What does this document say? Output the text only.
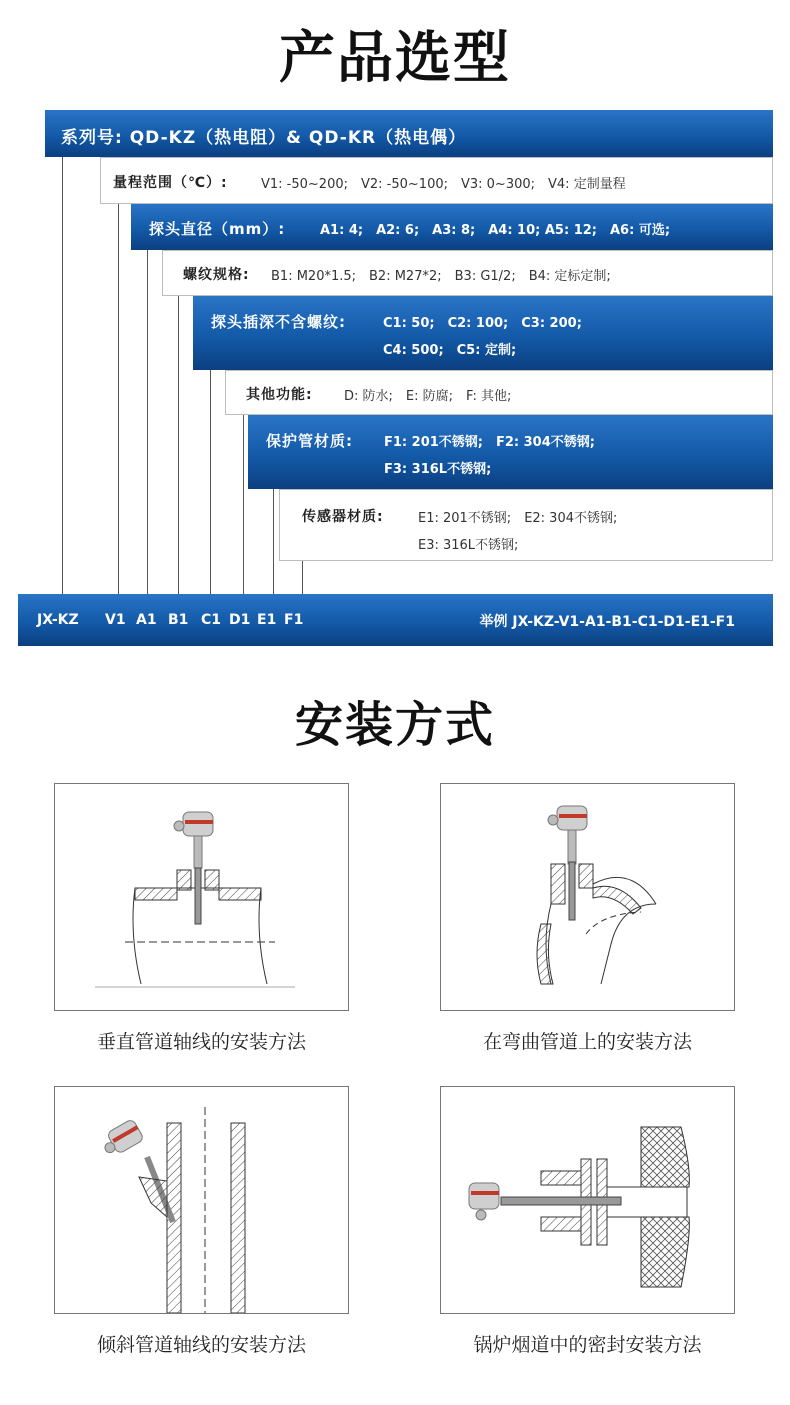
产品选型
系列号: QD-KZ（热电阻）& QD-KR（热电偶）
量程范围（℃）:	V1: -50~200;　V2: -50~100;　V3: 0~300;　V4: 定制量程
探头直径（mm）:	A1: 4;　A2: 6;　A3: 8;　A4: 10; A5: 12;　A6: 可选;
螺纹规格: B1: M20*1.5;　B2: M27*2;　B3: G1/2;　B4: 定标定制;
探头插深不含螺纹:	C1: 50;　C2: 100;　C3: 200;
C4: 500;　C5: 定制;
其他功能: D: 防水;　E: 防腐;　F: 其他;
保护管材质: F1: 201不锈钢;　F2: 304不锈钢;
F3: 316L不锈钢;
传感器材质:	E1: 201不锈钢;　E2: 304不锈钢;
E3: 316L不锈钢;
JX-KZ V1 A1 B1 C1 D1 E1 F1	举例 JX-KZ-V1-A1-B1-C1-D1-E1-F1
安装方式
垂直管道轴线的安装方法	在弯曲管道上的安装方法
倾斜管道轴线的安装方法	锅炉烟道中的密封安装方法
